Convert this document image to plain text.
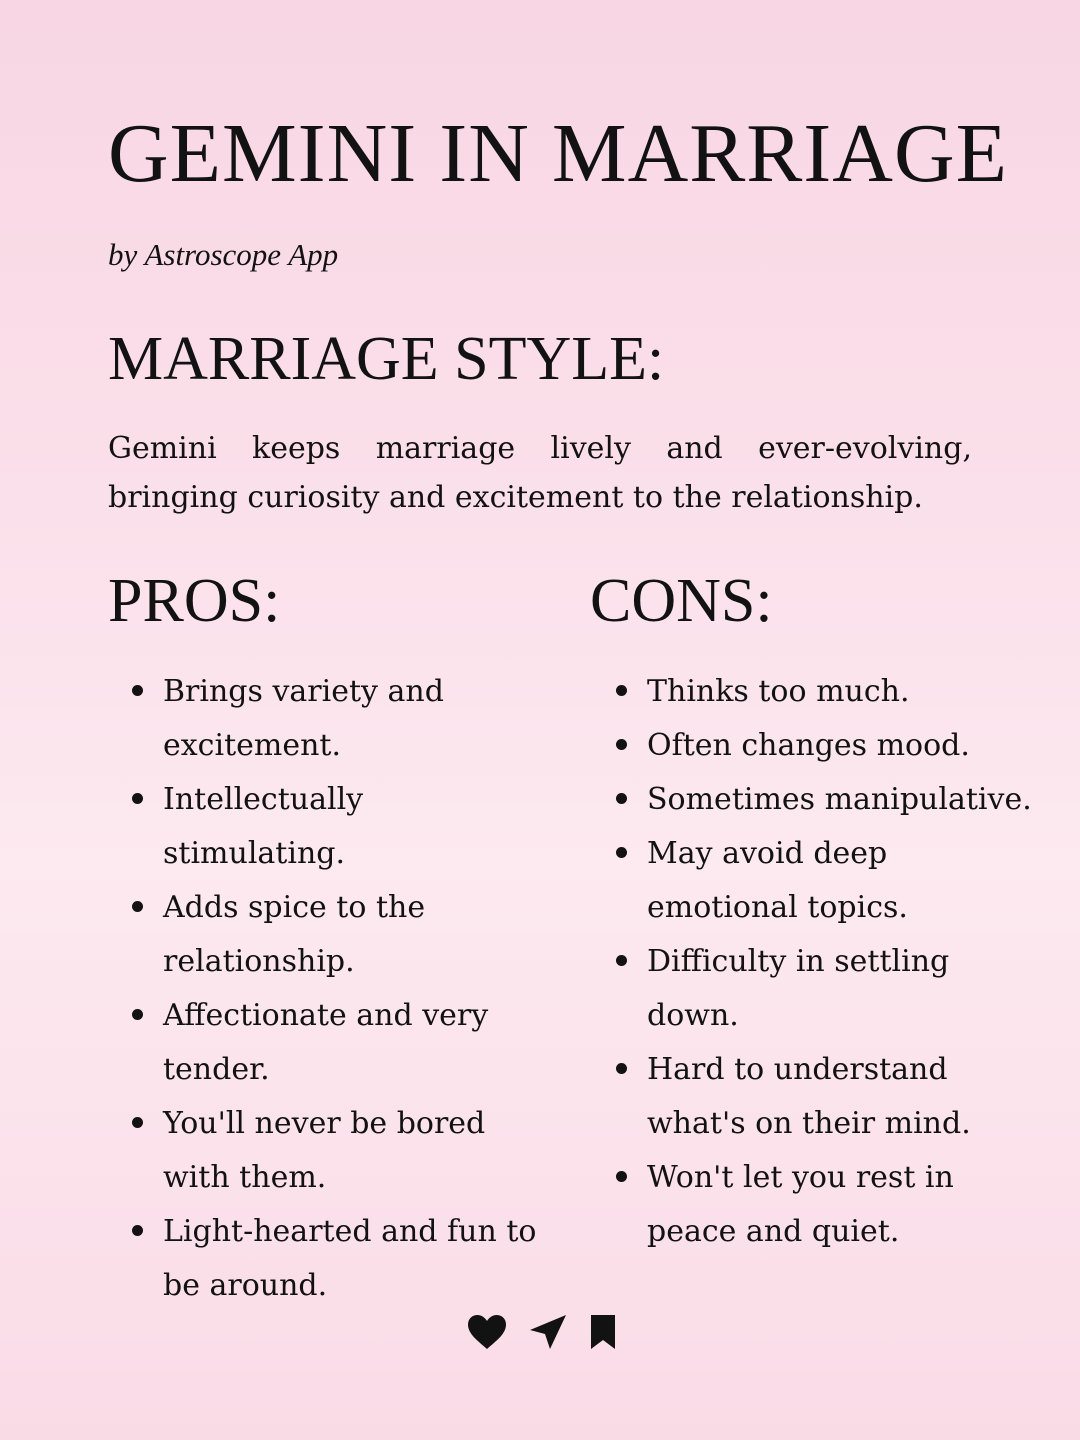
GEMINI IN MARRIAGE

by Astroscope App

MARRIAGE STYLE:

Gemini keeps marriage lively and ever-evolving, bringing curiosity and excitement to the relationship.

PROS:
Brings variety and excitement.
Intellectually stimulating.
Adds spice to the relationship.
Affectionate and very tender.
You'll never be bored with them.
Light-hearted and fun to be around.
CONS:
Thinks too much.
Often changes mood.
Sometimes manipulative.
May avoid deep emotional topics.
Difficulty in settling down.
Hard to understand what's on their mind.
Won't let you rest in peace and quiet.
